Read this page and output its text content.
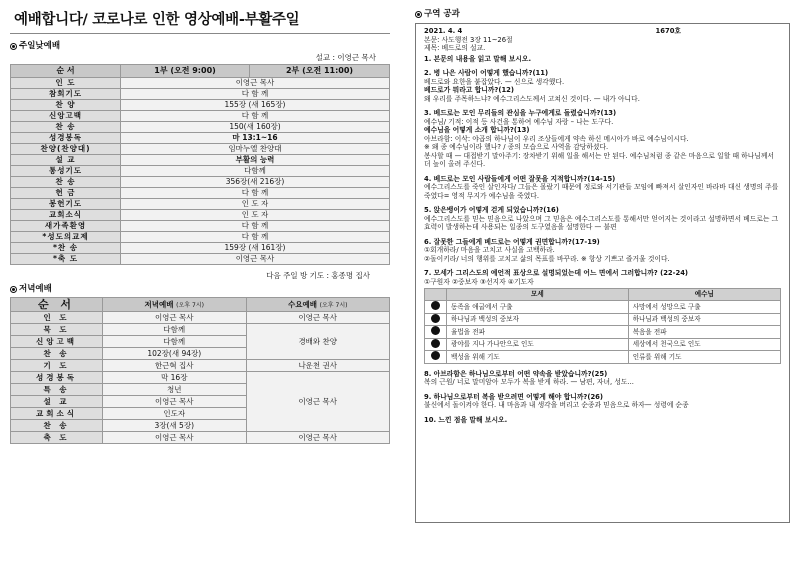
예배합니다/ 코로나로 인한 영상예배-부활주일
주일낮예배
설교 : 이영근 목사
순 서	1부 (오전 9:00)	2부 (오전 11:00)
인 도	이영근 목사	
참회기도	다 함 께	
찬 양	155장 (새 165장)	
신앙고백	다 함 께	
찬 송	150(새 160장)	
성경봉독	마 13:1~16	
찬양(찬양대)	임마누엘 찬양대	
설 교	부활의 능력	
통성기도	다함께	
찬 송	356장(새 216장)	
헌 금	다 함 께	
봉헌기도	인 도 자	
교회소식	인 도 자	
새가족환영	다 함 께	
*성도의교제	다 함 께	
*찬 송	159장 (새 161장)	
*축 도	이영근 목사	
다음 주일 방 기도 : 홍종명 집사
저녁예배
순 서	저녁예배 (오후 7시)	수요예배 (오후 7시)
인 도	이영근 목사	이영근 목사
묵 도	다함께	경배와 찬양
신앙고백	다함께	
찬 송	102장(새 94장)	
기 도	한근혁 집사	나운천 권사
성경봉독	막 16장	이영근 목사
특 송	청년	
설 교	이영근 목사	
교회소식	인도자	
찬 송	3장(새 5장)	
축 도	이영근 목사	이영근 목사
구역 공과
2021. 4. 4	1670호
본문: 사도행전 3장 11~26절
제목: 베드로의 설교.
1. 본문의 내용을 읽고 말해 보시오.
2. 병 나은 사람이 어떻게 했습니까?(11)
베드로와 요한을 붙잡았다. — 신으로 생각했다.
베드로가 뭐라고 합니까?(12)
왜 우리를 주목하느냐? 예수그리스도께서 고쳐신 것이다. — 내가 아니다.
3. 베드로는 모인 무리들의 관심을 누구에게로 돌렸습니까?(13)
예수님/ 기적: 이적 등 사건을 통하여 예수님 자랑 – 나는 도구다.
예수님을 어떻게 소개 합니까?(13)
아브라함: 이삭: 야곱의 하나님이 우리 조상들에게 약속 하신 메시아가 바로 예수님이시다.
※ 왜 종 예수님이라 했나? / 종의 모습으로 사역을 감당하셨다.
봉사할 때 — 대접받기 말아주기: 장차받기 위해 일을 해서는 안 된다. 예수님처럼 종 같은 마음으로 일할 때 하나님께서 더 높이 올려 주신다.
4. 베드로는 모인 사람들에게 어떤 잘못을 지적합니까?(14-15)
예수그리스도를 죽인 살인자다/ 그들은 몰랐기 때문에 정로와 서기관들 꼬임에 빠져서 살인자인 바라바 대신 생명의 주를 죽였다= 영적 무지가 예수님을 죽였다.
5. 앉은뱅이가 어떻게 걷게 되었습니까?(16)
예수그리스도를 믿는 믿음으로 나았으며 그 믿음은 예수그리스도를 통해서만 얻어지는 것이라고 설명하면서 베드로는 그 효력이 발생하는데 사용되는 일종의 도구였음을 설명한다 — 불편
6. 잘못한 그들에게 베드로는 어떻게 권면합니까?(17-19)
①회개하라/ 마음을 고치고 사실을 고백하라.
②돌이키라/ 너의 행위를 고치고 삶의 목표를 바꾸라. ※ 항상 기쁘고 즐거울 것이다.
7. 모세가 그리스도의 예언적 표상으로 설명되었는데 어느 면에서 그러합니까? (22-24)
①구원자 ②중보자 ③선지자 ④기도자
	모세	예수님
	동족을 애굽에서 구출	사망에서 성망으로 구출
	하나님과 백성의 중보자	하나님과 백성의 중보자
	율법을 전파	복음을 전파
	광야를 지나 가나안으로 인도	세상에서 천국으로 인도
	백성을 위해 기도	인류를 위해 기도
8. 아브라함은 하나님으로부터 어떤 약속을 받았습니까?(25)
복의 근원/ 너로 말미암아 모두가 복을 받게 하라. — 남편, 자녀, 성도...
9. 하나님으로부터 복을 받으려면 어떻게 해야 합니까?(26)
불신에서 돌이켜야 한다. 내 마음과 내 생각을 버리고 순종과 믿음으로 하자— 성령에 순종
10. 느낀 점을 말해 보시오.
